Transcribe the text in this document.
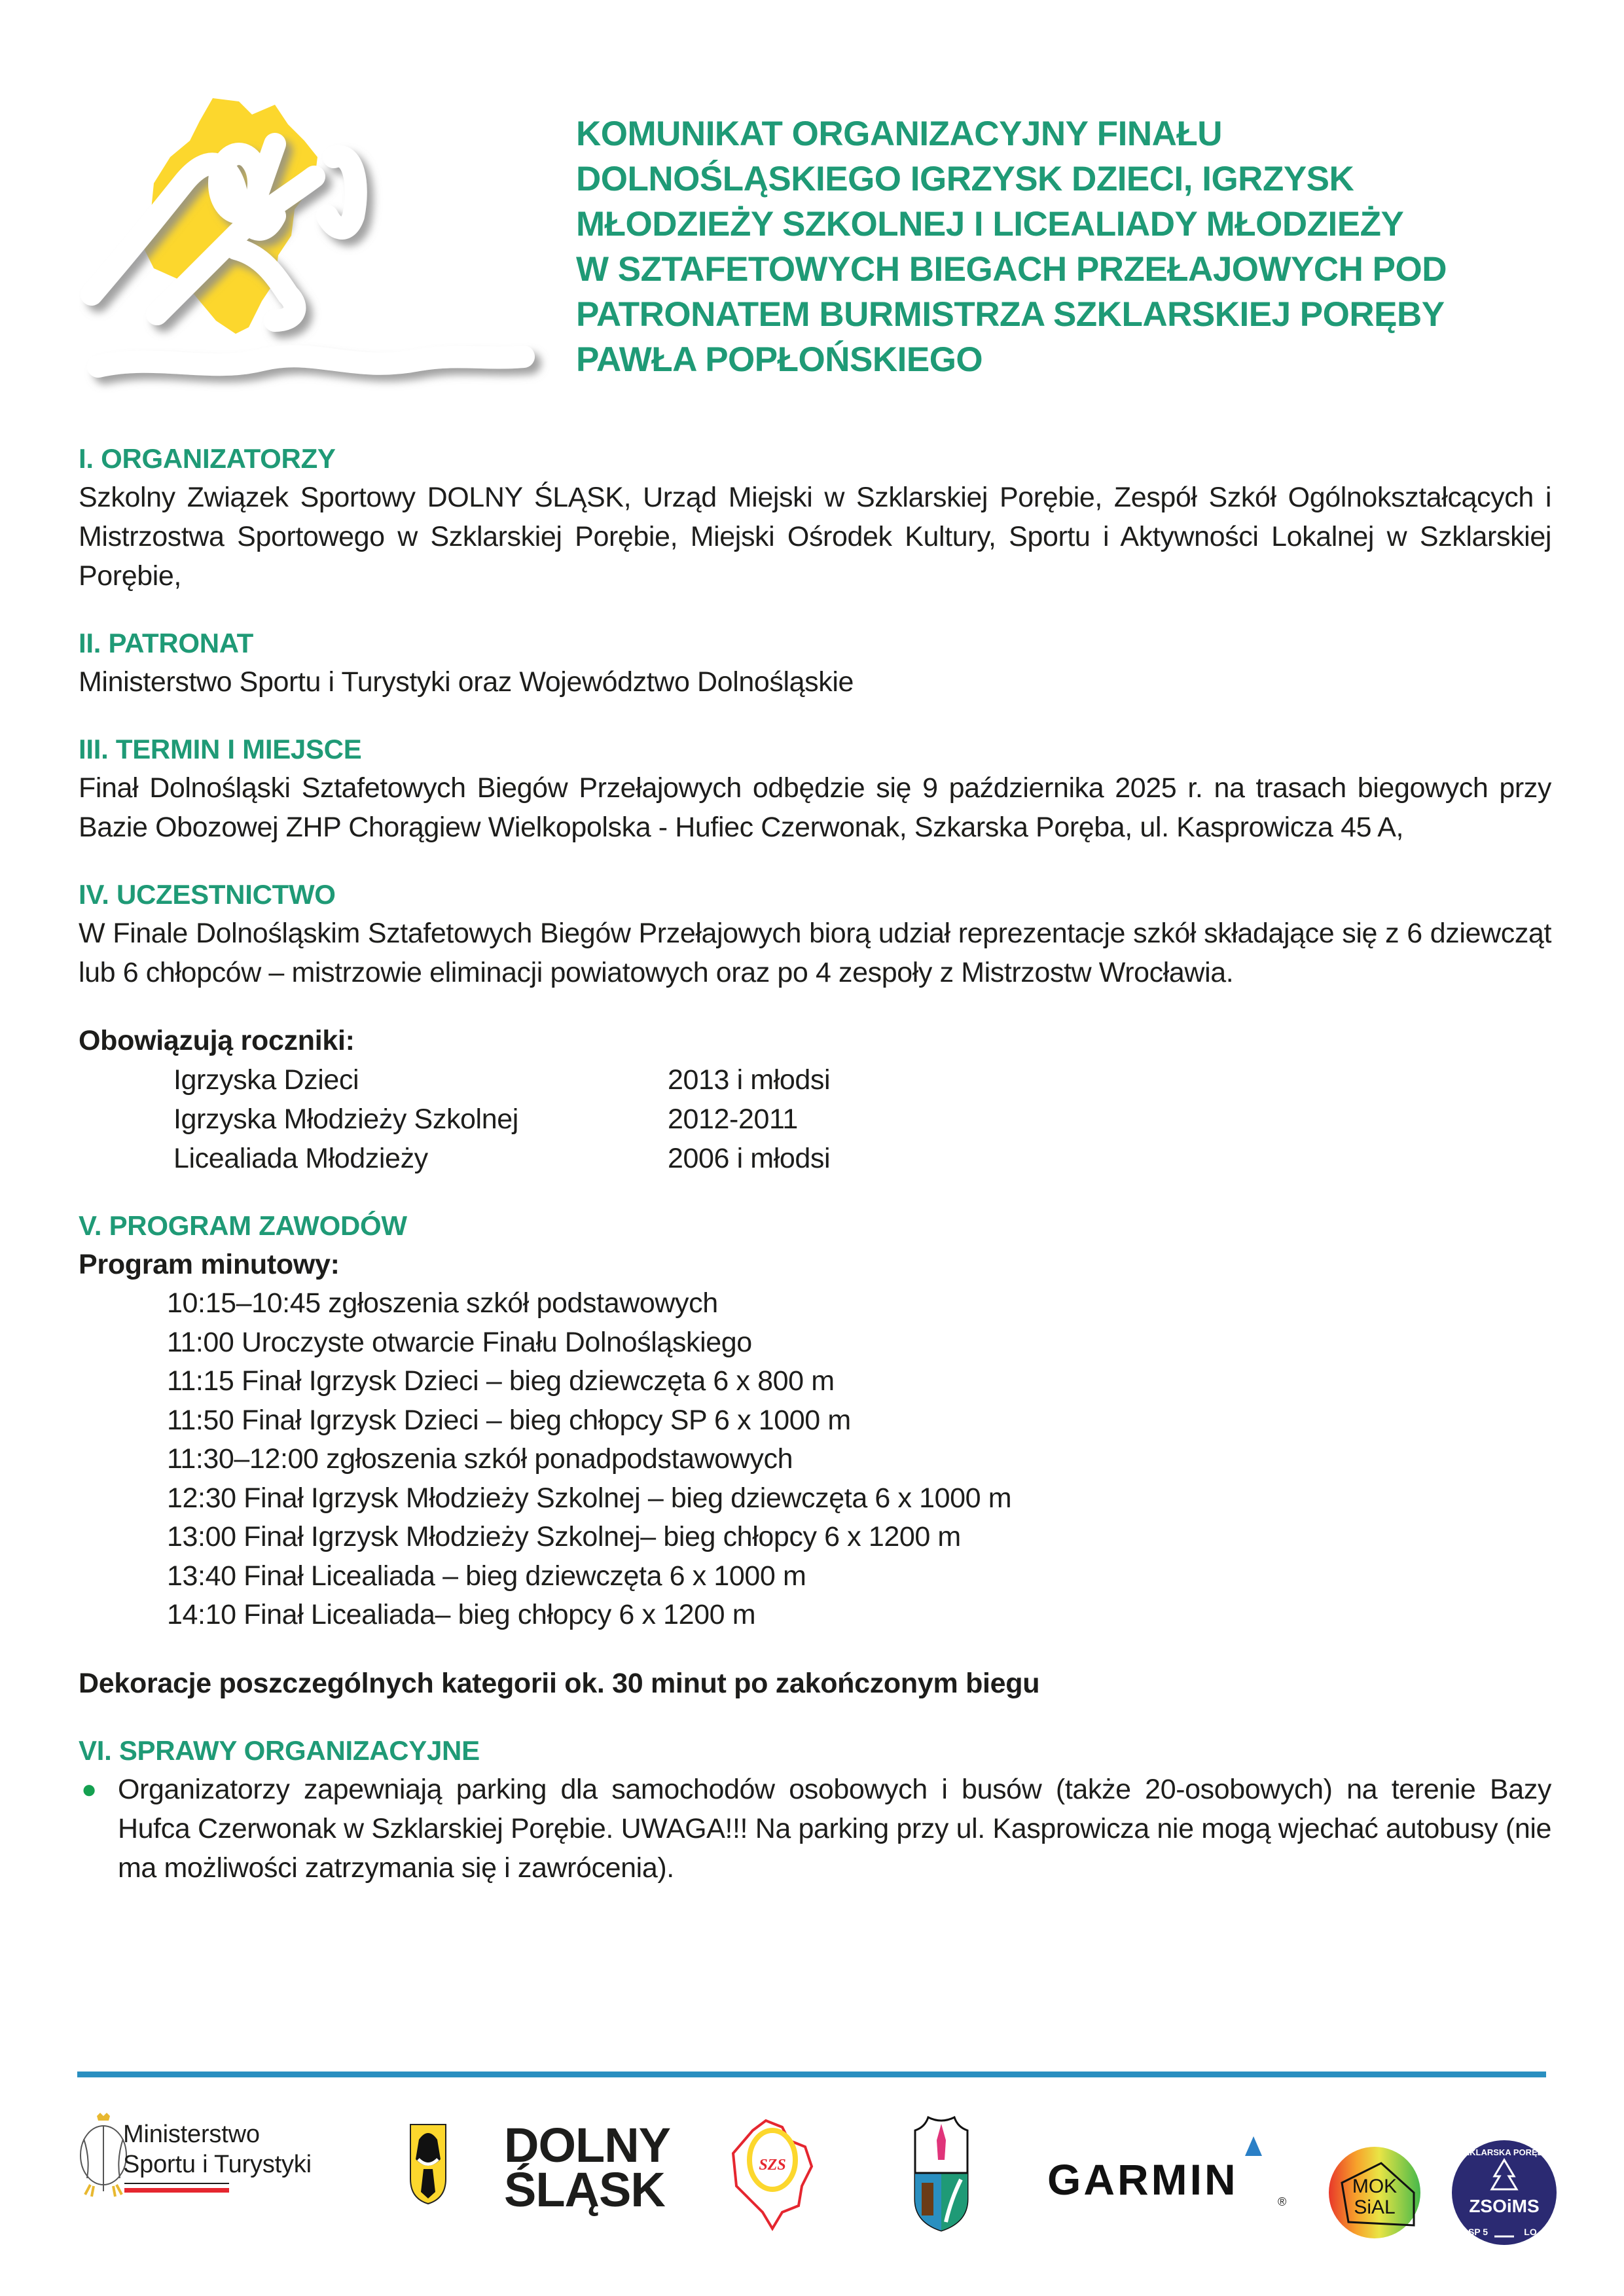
KOMUNIKAT ORGANIZACYJNY FINAŁU
DOLNOŚLĄSKIEGO IGRZYSK DZIECI, IGRZYSK
MŁODZIEŻY SZKOLNEJ I LICEALIADY MŁODZIEŻY
W SZTAFETOWYCH BIEGACH PRZEŁAJOWYCH POD
PATRONATEM BURMISTRZA SZKLARSKIEJ PORĘBY
PAWŁA POPŁOŃSKIEGO
I. ORGANIZATORZY
Szkolny Związek Sportowy DOLNY ŚLĄSK, Urząd Miejski w Szklarskiej Porębie, Zespół Szkół Ogólnokształcących i Mistrzostwa Sportowego w Szklarskiej Porębie, Miejski Ośrodek Kultury, Sportu i Aktywności Lokalnej w Szklarskiej Porębie,
II. PATRONAT
Ministerstwo Sportu i Turystyki oraz Województwo Dolnośląskie
III. TERMIN I MIEJSCE
Finał Dolnośląski Sztafetowych Biegów Przełajowych odbędzie się 9 października 2025 r. na trasach biegowych przy Bazie Obozowej ZHP Chorągiew Wielkopolska - Hufiec Czerwonak, Szkarska Poręba, ul. Kasprowicza 45 A,
IV. UCZESTNICTWO
W Finale Dolnośląskim Sztafetowych Biegów Przełajowych biorą udział reprezentacje szkół składające się z 6 dziewcząt lub 6 chłopców – mistrzowie eliminacji powiatowych oraz po 4 zespoły z Mistrzostw Wrocławia.
Obowiązują roczniki:
Igrzyska Dzieci	2013 i młodsi
Igrzyska Młodzieży Szkolnej	2012-2011
Licealiada Młodzieży	2006 i młodsi
V. PROGRAM ZAWODÓW
Program minutowy:
10:15–10:45 zgłoszenia szkół podstawowych
11:00 Uroczyste otwarcie Finału Dolnośląskiego
11:15 Finał Igrzysk Dzieci – bieg dziewczęta 6 x 800 m
11:50 Finał Igrzysk Dzieci – bieg chłopcy SP 6 x 1000 m
11:30–12:00 zgłoszenia szkół ponadpodstawowych
12:30 Finał Igrzysk Młodzieży Szkolnej – bieg dziewczęta 6 x 1000 m
13:00 Finał Igrzysk Młodzieży Szkolnej– bieg chłopcy 6 x 1200 m
13:40 Finał Licealiada – bieg dziewczęta 6 x 1000 m
14:10 Finał Licealiada– bieg chłopcy 6 x 1200 m
Dekoracje poszczególnych kategorii ok. 30 minut po zakończonym biegu
VI. SPRAWY ORGANIZACYJNE
● Organizatorzy zapewniają parking dla samochodów osobowych i busów (także 20-osobowych) na terenie Bazy Hufca Czerwonak w Szklarskiej Porębie. UWAGA!!! Na parking przy ul. Kasprowicza nie mogą wjechać autobusy (nie ma możliwości zatrzymania się i zawrócenia).
Ministerstwo
Sportu i Turystyki	DOLNY
ŚLĄSK	SZS	GARMIN	®
MOK
SiAL	ZSOiMS
SZKLARSKA PORĘBA
SP 5	LO
